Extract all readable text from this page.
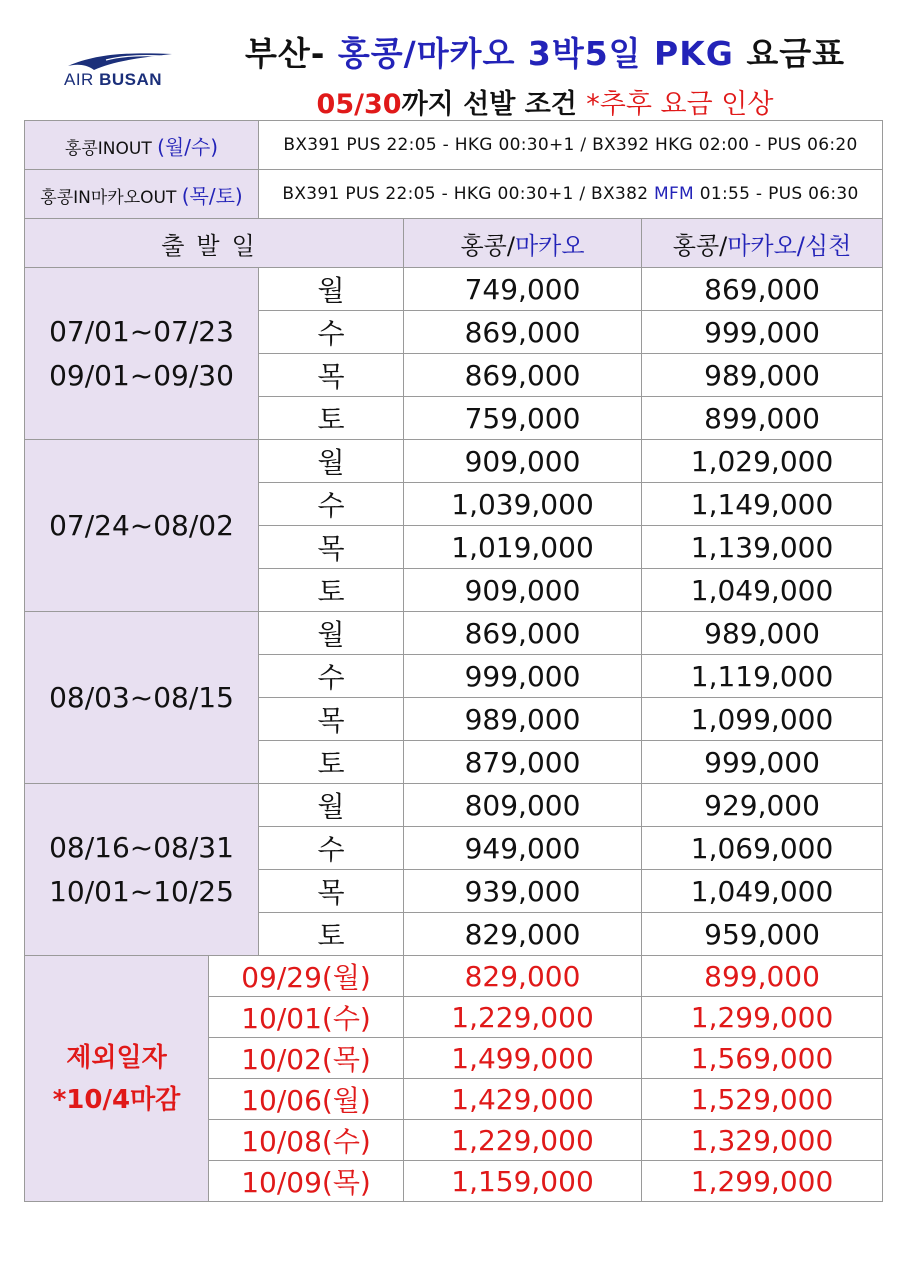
AIR BUSAN
부산- 홍콩/마카오 3박5일 PKG 요금표
05/30까지 선발 조건 *추후 요금 인상
홍콩INOUT (월/수)		BX391 PUS 22:05 - HKG 00:30+1 / BX392 HKG 02:00 - PUS 06:20		
홍콩IN마카오OUT (목/토)		BX391 PUS 22:05 - HKG 00:30+1 / BX382 MFM 01:55 - PUS 06:30		
출발일			홍콩/마카오	홍콩/마카오/심천

07/01~07/23
09/01~09/30		월	749,000	869,000
		수	869,000	999,000
		목	869,000	989,000
		토	759,000	899,000

07/24~08/02		월	909,000	1,029,000
		수	1,039,000	1,149,000
		목	1,019,000	1,139,000
		토	909,000	1,049,000

08/03~08/15		월	869,000	989,000
		수	999,000	1,119,000
		목	989,000	1,099,000
		토	879,000	999,000

08/16~08/31
10/01~10/25		월	809,000	929,000
		수	949,000	1,069,000
		목	939,000	1,049,000
		토	829,000	959,000

제외일자
*10/4마감	09/29(월)		829,000	899,000
	10/01(수)		1,229,000	1,299,000
	10/02(목)		1,499,000	1,569,000
	10/06(월)		1,429,000	1,529,000
	10/08(수)		1,229,000	1,329,000
	10/09(목)		1,159,000	1,299,000
